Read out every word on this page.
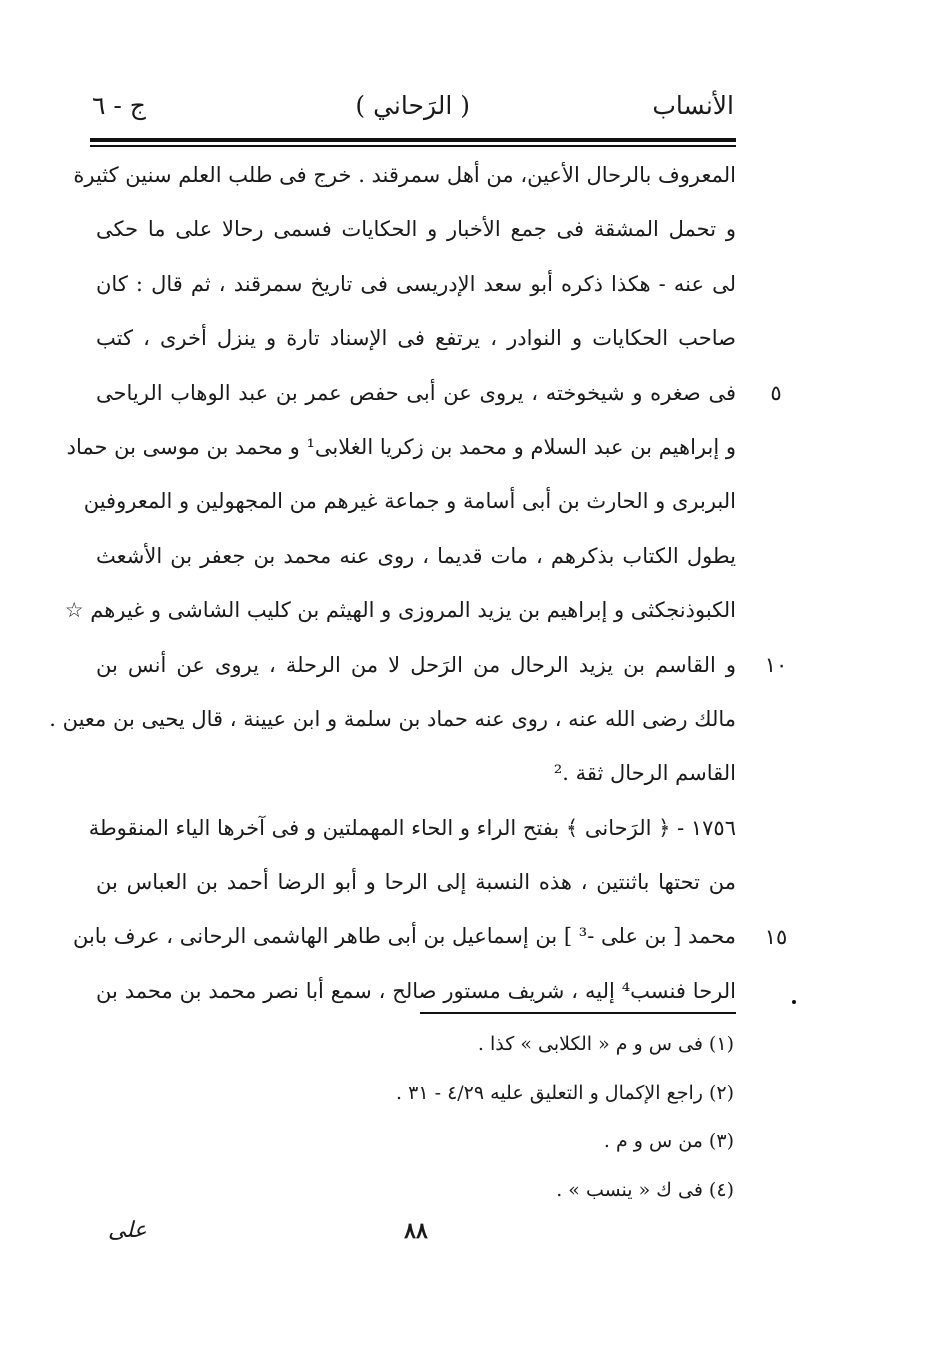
الأنساب
( الرَحاني )
ج - ٦
المعروف بالرحال الأعين، من أهل سمرقند . خرج فى طلب العلم سنين كثيرة
و تحمل المشقة فى جمع الأخبار و الحكايات فسمى رحالا على ما حكى
لى عنه - هكذا ذكره أبو سعد الإدريسى فى تاريخ سمرقند ، ثم قال : كان
صاحب الحكايات و النوادر ، يرتفع فى الإسناد تارة و ينزل أخرى ، كتب
فى صغره و شيخوخته ، يروى عن أبى حفص عمر بن عبد الوهاب الرياحى
و إبراهيم بن عبد السلام و محمد بن زكريا الغلابى¹ و محمد بن موسى بن حماد
البربرى و الحارث بن أبى أسامة و جماعة غيرهم من المجهولين و المعروفين
يطول الكتاب بذكرهم ، مات قديما ، روى عنه محمد بن جعفر بن الأشعث
الكبوذنجكثى و إبراهيم بن يزيد المروزى و الهيثم بن كليب الشاشى و غيرهم ☆
و القاسم بن يزيد الرحال من الرَحل لا من الرحلة ، يروى عن أنس بن
مالك رضى الله عنه ، روى عنه حماد بن سلمة و ابن عيينة ، قال يحيى بن معين .
القاسم الرحال ثقة .²
١٧٥٦ - ﴿ الرَحانى ﴾ بفتح الراء و الحاء المهملتين و فى آخرها الياء المنقوطة
من تحتها باثنتين ، هذه النسبة إلى الرحا و أبو الرضا أحمد بن العباس بن
محمد [ بن على -³ ] بن إسماعيل بن أبى طاهر الهاشمى الرحانى ، عرف بابن
الرحا فنسب⁴ إليه ، شريف مستور صالح ، سمع أبا نصر محمد بن محمد بن
٥
١٠
١٥
(١) فى س و م « الكلابى » كذا .
(٢) راجع الإكمال و التعليق عليه ٤/٢٩ - ٣١ .
(٣) من س و م .
(٤) فى ك « ينسب » .
٨٨
على
